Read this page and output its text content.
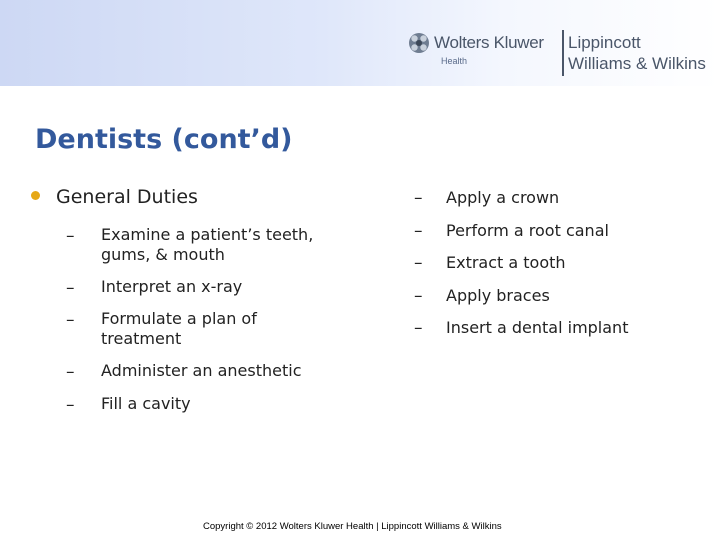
Wolters Kluwer
Health
Lippincott
Williams & Wilkins
Dentists (cont’d)
General Duties
–
–
–
–
–
Examine a patient’s teeth,
gums, & mouth
Interpret an x-ray
Formulate a plan of
treatment
Administer an anesthetic
Fill a cavity
–
–
–
–
–
Apply a crown
Perform a root canal
Extract a tooth
Apply braces
Insert a dental implant
Copyright © 2012 Wolters Kluwer Health | Lippincott Williams & Wilkins
